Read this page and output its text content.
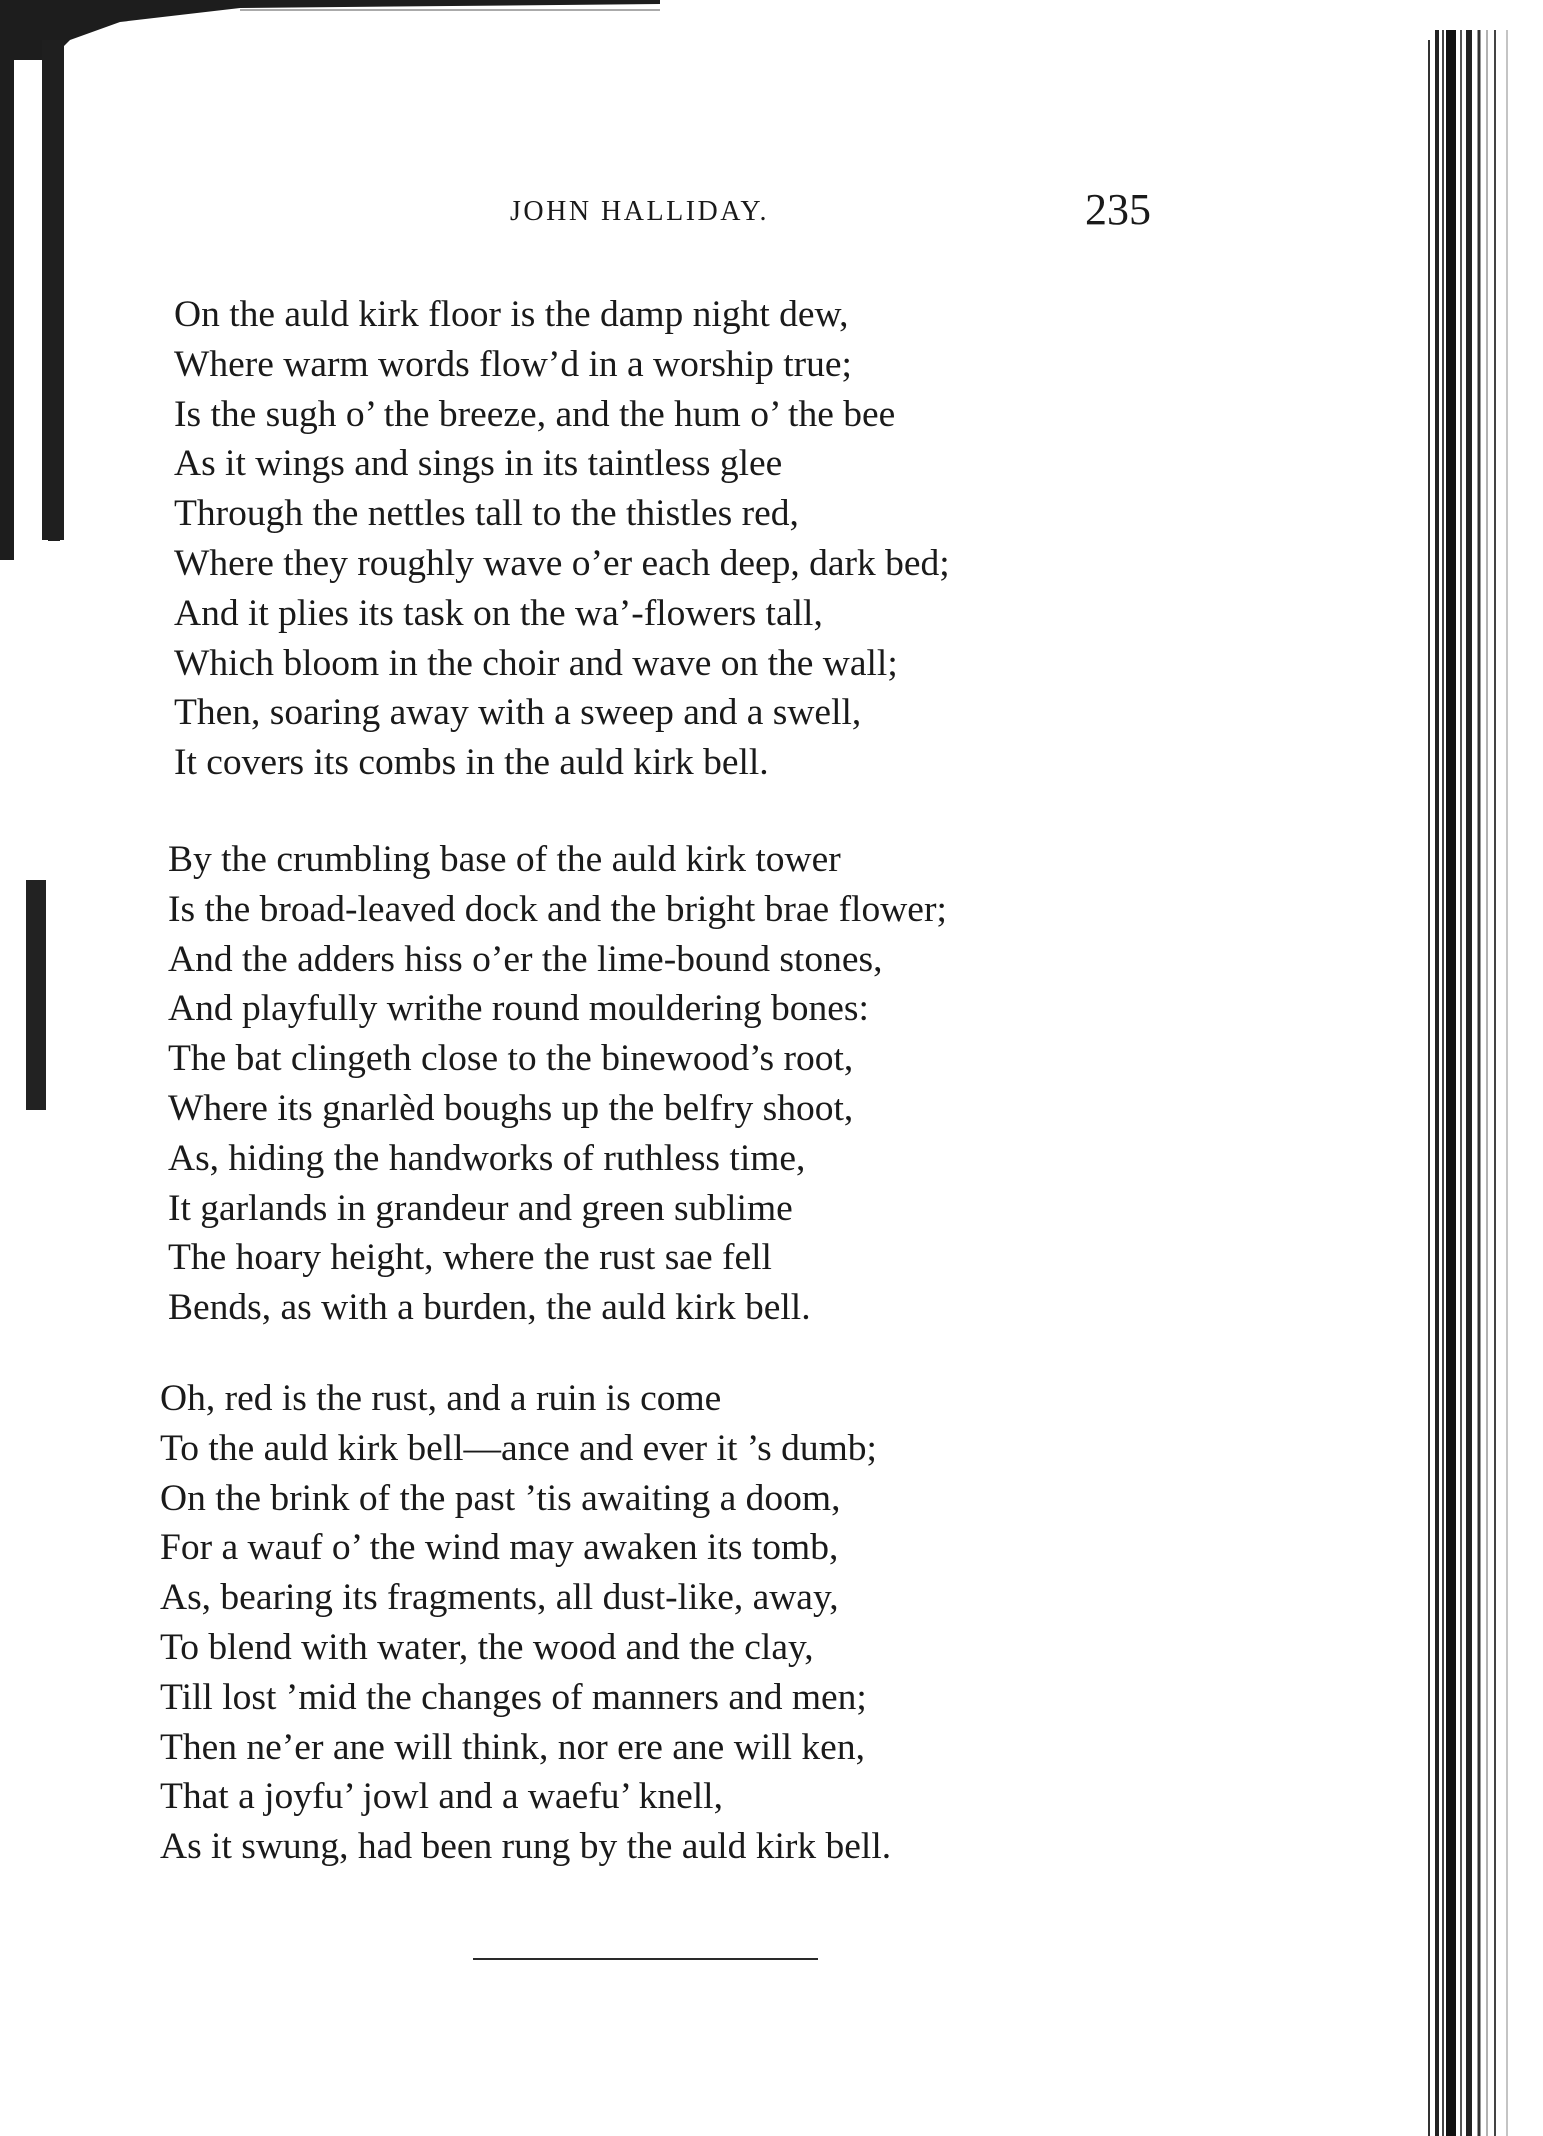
JOHN HALLIDAY.	235
On the auld kirk floor is the damp night dew,
Where warm words flow’d in a worship true;
Is the sugh o’ the breeze, and the hum o’ the bee
As it wings and sings in its taintless glee
Through the nettles tall to the thistles red,
Where they roughly wave o’er each deep, dark bed;
And it plies its task on the wa’-flowers tall,
Which bloom in the choir and wave on the wall;
Then, soaring away with a sweep and a swell,
It covers its combs in the auld kirk bell.
By the crumbling base of the auld kirk tower
Is the broad-leaved dock and the bright brae flower;
And the adders hiss o’er the lime-bound stones,
And playfully writhe round mouldering bones:
The bat clingeth close to the binewood’s root,
Where its gnarlèd boughs up the belfry shoot,
As, hiding the handworks of ruthless time,
It garlands in grandeur and green sublime
The hoary height, where the rust sae fell
Bends, as with a burden, the auld kirk bell.
Oh, red is the rust, and a ruin is come
To the auld kirk bell—ance and ever it ’s dumb;
On the brink of the past ’tis awaiting a doom,
For a wauf o’ the wind may awaken its tomb,
As, bearing its fragments, all dust-like, away,
To blend with water, the wood and the clay,
Till lost ’mid the changes of manners and men;
Then ne’er ane will think, nor ere ane will ken,
That a joyfu’ jowl and a waefu’ knell,
As it swung, had been rung by the auld kirk bell.
